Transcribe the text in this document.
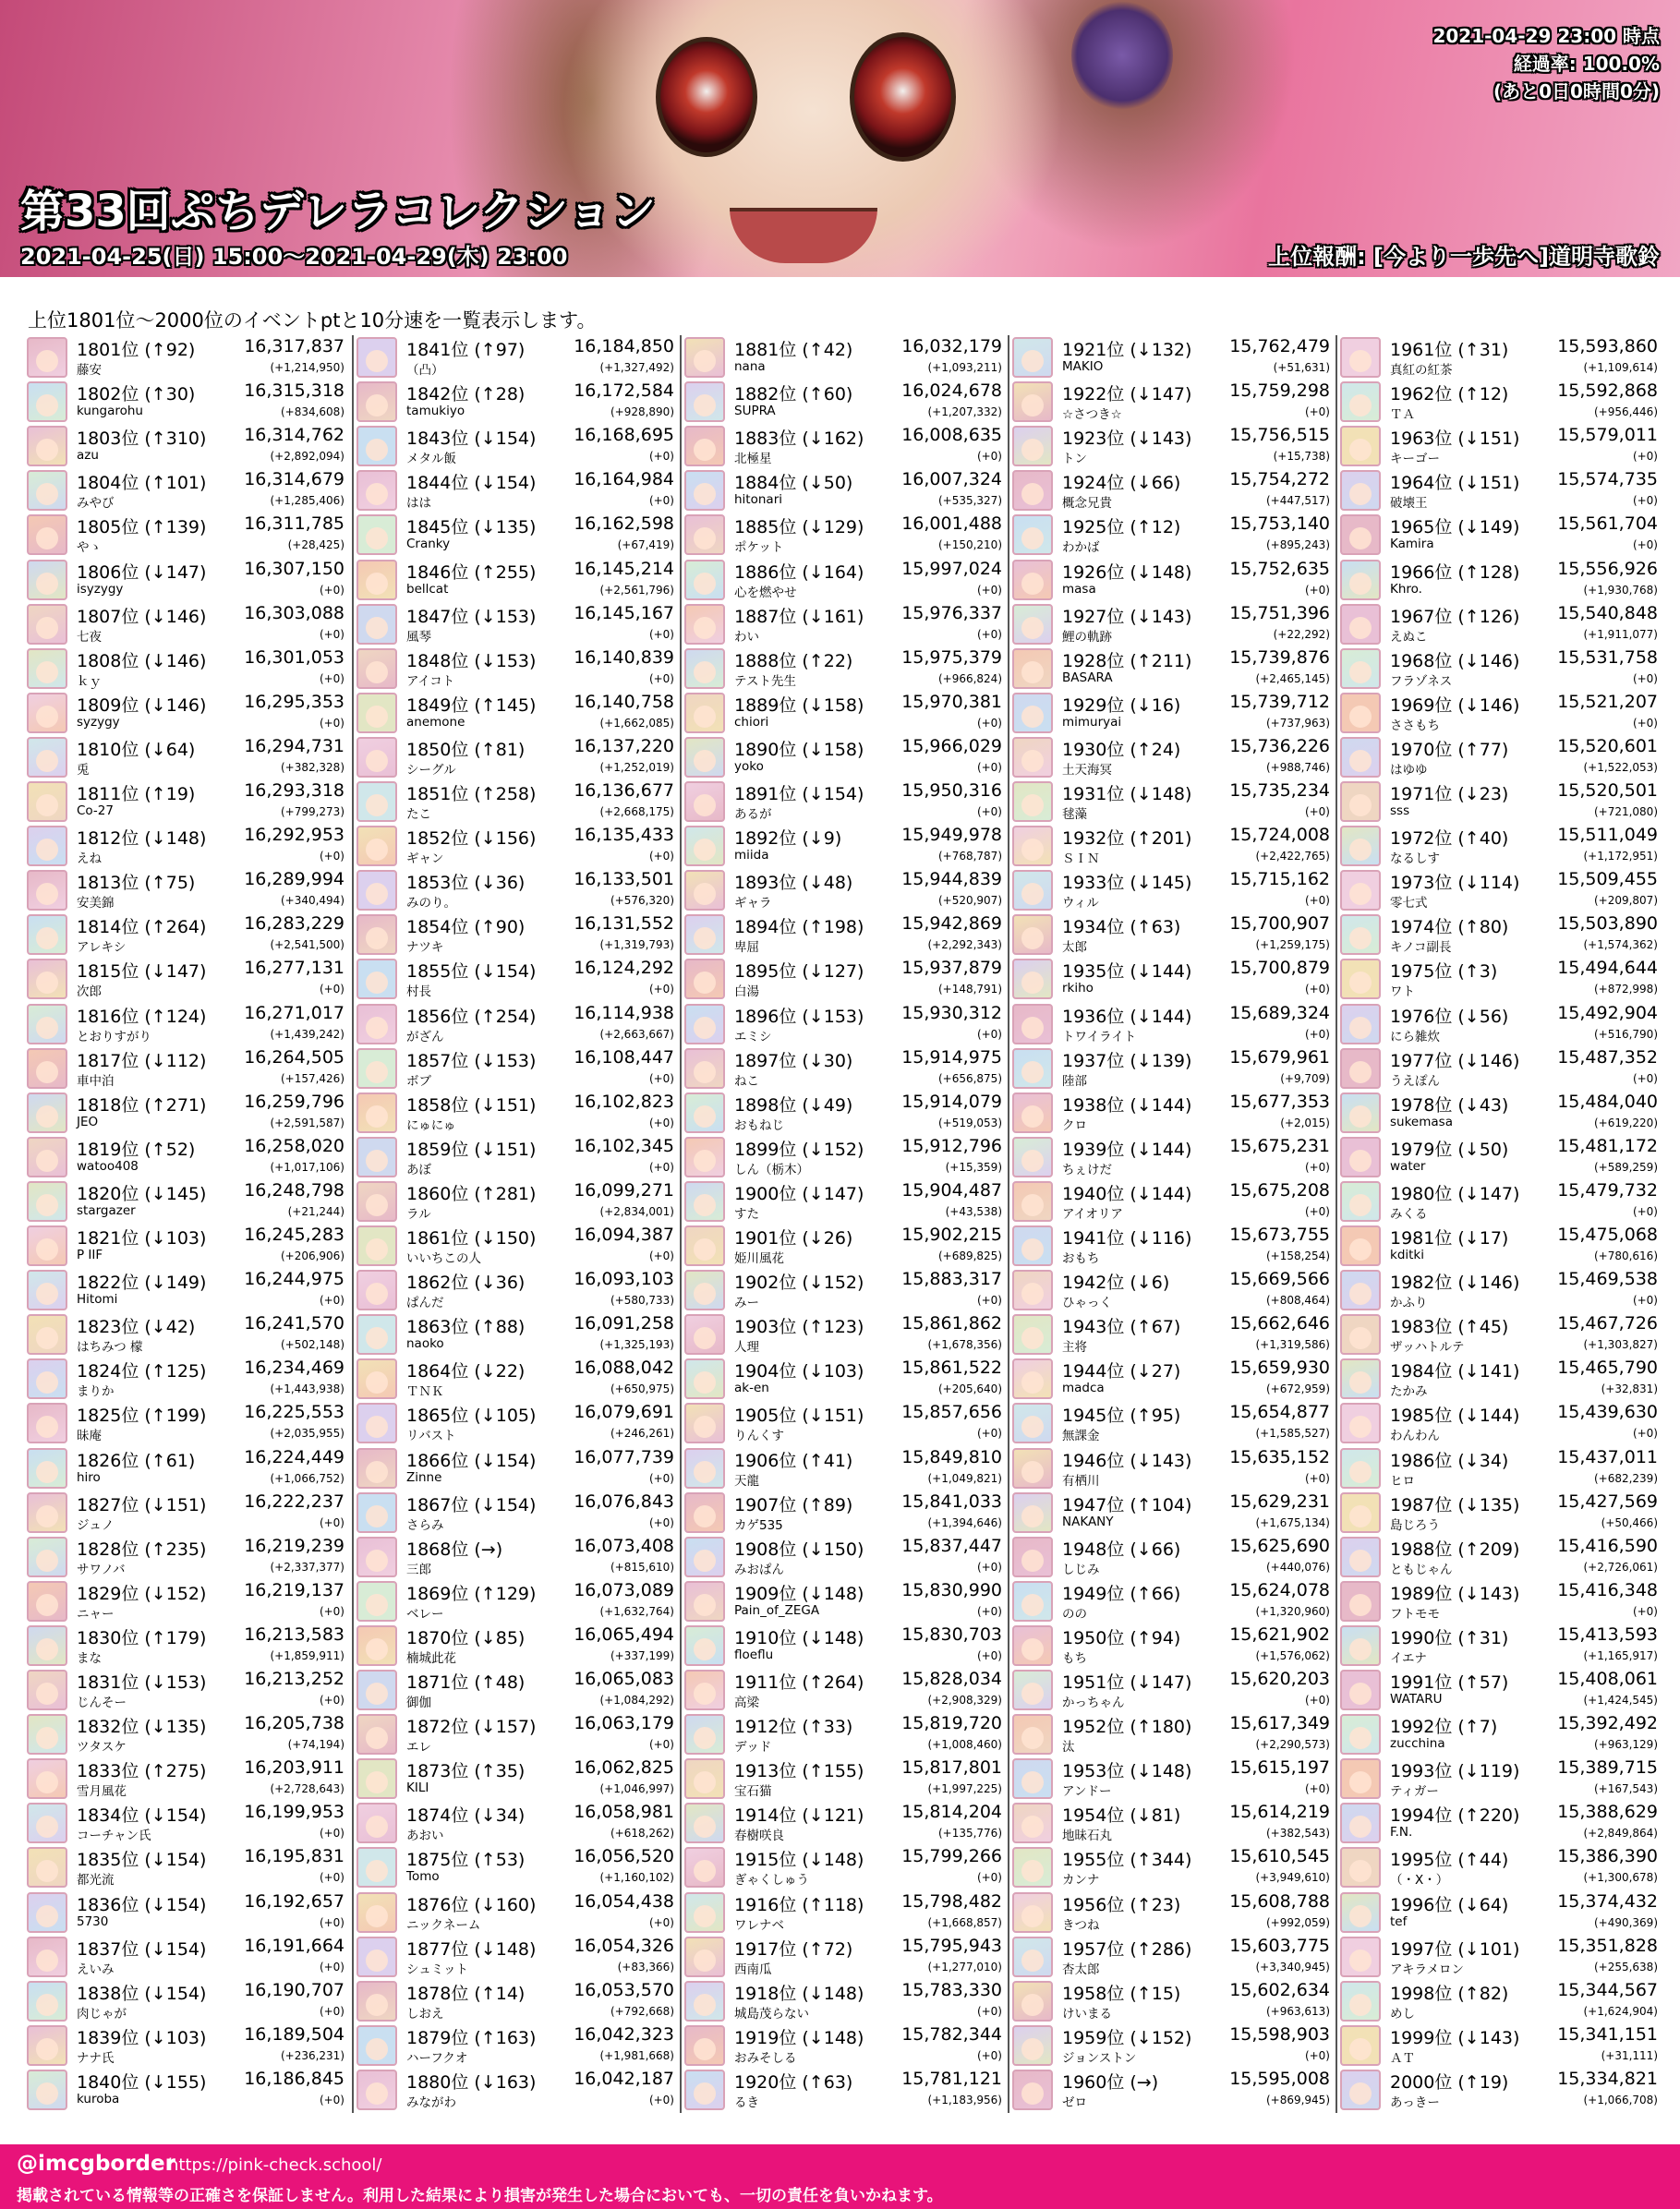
2021-04-29 23:00 時点
経過率: 100.0%
(あと0日0時間0分)
第33回ぷちデレラコレクション
2021-04-25(日) 15:00～2021-04-29(木) 23:00	上位報酬: [今より一歩先へ]道明寺歌鈴
上位1801位～2000位のイベントptと10分速を一覧表示します。
1801位 (↑92)	16,317,837
藤安	(+1,214,950)
1802位 (↑30)	16,315,318
kungarohu	(+834,608)
1803位 (↑310) 16,314,762
azu	(+2,892,094)
1804位 (↑101) 16,314,679
みやび	(+1,285,406)
1805位 (↑139) 16,311,785
やゝ	(+28,425)
1806位 (↓147) 16,307,150
isyzygy	(+0)
1807位 (↓146) 16,303,088
七夜	(+0)
1808位 (↓146) 16,301,053
ｋｙ	(+0)
1809位 (↓146) 16,295,353
syzygy	(+0)
1810位 (↓64)	16,294,731
兎	(+382,328)
1811位 (↑19)	16,293,318
Co-27	(+799,273)
1812位 (↓148) 16,292,953
えね	(+0)
1813位 (↑75)	16,289,994
安美錦	(+340,494)
1814位 (↑264) 16,283,229
アレキシ	(+2,541,500)
1815位 (↓147) 16,277,131
次郎	(+0)
1816位 (↑124) 16,271,017
とおりすがり	(+1,439,242)
1817位 (↓112) 16,264,505
車中泊	(+157,426)
1818位 (↑271) 16,259,796
JEO	(+2,591,587)
1819位 (↑52)	16,258,020
watoo408	(+1,017,106)
1820位 (↓145) 16,248,798
stargazer	(+21,244)
1821位 (↓103) 16,245,283
P IIF	(+206,906)
1822位 (↓149) 16,244,975
Hitomi	(+0)
1823位 (↓42)	16,241,570
はちみつ 檬	(+502,148)
1824位 (↑125) 16,234,469
まりか	(+1,443,938)
1825位 (↑199) 16,225,553
昧庵	(+2,035,955)
1826位 (↑61)	16,224,449
hiro	(+1,066,752)
1827位 (↓151) 16,222,237
ジュノ	(+0)
1828位 (↑235) 16,219,239
サワノバ	(+2,337,377)
1829位 (↓152) 16,219,137
ニャー	(+0)
1830位 (↑179) 16,213,583
まな	(+1,859,911)
1831位 (↓153) 16,213,252
じんそー	(+0)
1832位 (↓135) 16,205,738
ツタスケ	(+74,194)
1833位 (↑275) 16,203,911
雪月風花	(+2,728,643)
1834位 (↓154) 16,199,953
コーチャン氏	(+0)
1835位 (↓154) 16,195,831
都光流	(+0)
1836位 (↓154) 16,192,657
5730	(+0)
1837位 (↓154) 16,191,664
えいみ	(+0)
1838位 (↓154) 16,190,707
肉じゃが	(+0)
1839位 (↓103) 16,189,504
ナナ氏	(+236,231)
1840位 (↓155) 16,186,845
kuroba	(+0)
1841位 (↑97)	16,184,850
（凸）	(+1,327,492)
1842位 (↑28)	16,172,584
tamukiyo	(+928,890)
1843位 (↓154) 16,168,695
メタル飯	(+0)
1844位 (↓154) 16,164,984
はは	(+0)
1845位 (↓135) 16,162,598
Cranky	(+67,419)
1846位 (↑255) 16,145,214
bellcat	(+2,561,796)
1847位 (↓153) 16,145,167
風琴	(+0)
1848位 (↓153) 16,140,839
アイコト	(+0)
1849位 (↑145) 16,140,758
anemone	(+1,662,085)
1850位 (↑81)	16,137,220
シーグル	(+1,252,019)
1851位 (↑258) 16,136,677
たこ	(+2,668,175)
1852位 (↓156) 16,135,433
ギャン	(+0)
1853位 (↓36)	16,133,501
みのり。	(+576,320)
1854位 (↑90)	16,131,552
ナツキ	(+1,319,793)
1855位 (↓154) 16,124,292
村長	(+0)
1856位 (↑254) 16,114,938
がざん	(+2,663,667)
1857位 (↓153) 16,108,447
ボブ	(+0)
1858位 (↓151) 16,102,823
にゅにゅ	(+0)
1859位 (↓151) 16,102,345
あぼ	(+0)
1860位 (↑281) 16,099,271
ラル	(+2,834,001)
1861位 (↓150) 16,094,387
いいちこの人	(+0)
1862位 (↓36)	16,093,103
ぱんだ	(+580,733)
1863位 (↑88)	16,091,258
naoko	(+1,325,193)
1864位 (↓22)	16,088,042
ＴＮＫ	(+650,975)
1865位 (↓105) 16,079,691
リバスト	(+246,261)
1866位 (↓154) 16,077,739
Zinne	(+0)
1867位 (↓154) 16,076,843
さらみ	(+0)
1868位 (→)	16,073,408
三郎	(+815,610)
1869位 (↑129) 16,073,089
ベレー	(+1,632,764)
1870位 (↓85)	16,065,494
楠城此花	(+337,199)
1871位 (↑48)	16,065,083
御伽	(+1,084,292)
1872位 (↓157) 16,063,179
エレ	(+0)
1873位 (↑35)	16,062,825
KILI	(+1,046,997)
1874位 (↓34)	16,058,981
あおい	(+618,262)
1875位 (↑53)	16,056,520
Tomo	(+1,160,102)
1876位 (↓160) 16,054,438
ニックネーム	(+0)
1877位 (↓148) 16,054,326
シュミット	(+83,366)
1878位 (↑14)	16,053,570
しおえ	(+792,668)
1879位 (↑163) 16,042,323
ハーフクオ	(+1,981,668)
1880位 (↓163) 16,042,187
みながわ	(+0)
1881位 (↑42)	16,032,179
nana	(+1,093,211)
1882位 (↑60)	16,024,678
SUPRA	(+1,207,332)
1883位 (↓162) 16,008,635
北極星	(+0)
1884位 (↓50)	16,007,324
hitonari	(+535,327)
1885位 (↓129) 16,001,488
ポケット	(+150,210)
1886位 (↓164) 15,997,024
心を燃やせ	(+0)
1887位 (↓161) 15,976,337
わい	(+0)
1888位 (↑22)	15,975,379
テスト先生	(+966,824)
1889位 (↓158) 15,970,381
chiori	(+0)
1890位 (↓158) 15,966,029
yoko	(+0)
1891位 (↓154) 15,950,316
あるが	(+0)
1892位 (↓9)	15,949,978
miida	(+768,787)
1893位 (↓48)	15,944,839
ギャラ	(+520,907)
1894位 (↑198) 15,942,869
卑屈	(+2,292,343)
1895位 (↓127) 15,937,879
白湯	(+148,791)
1896位 (↓153) 15,930,312
エミシ	(+0)
1897位 (↓30)	15,914,975
ねこ	(+656,875)
1898位 (↓49)	15,914,079
おもねじ	(+519,053)
1899位 (↓152) 15,912,796
しん（栃木）	(+15,359)
1900位 (↓147) 15,904,487
すた	(+43,538)
1901位 (↓26)	15,902,215
姫川風花	(+689,825)
1902位 (↓152) 15,883,317
みー	(+0)
1903位 (↑123) 15,861,862
人理	(+1,678,356)
1904位 (↓103) 15,861,522
ak-en	(+205,640)
1905位 (↓151) 15,857,656
りんくす	(+0)
1906位 (↑41)	15,849,810
天龍	(+1,049,821)
1907位 (↑89)	15,841,033
カゲ535	(+1,394,646)
1908位 (↓150) 15,837,447
みおぱん	(+0)
1909位 (↓148) 15,830,990
Pain_of_ZEGA	(+0)
1910位 (↓148) 15,830,703
floeflu	(+0)
1911位 (↑264) 15,828,034
高梁	(+2,908,329)
1912位 (↑33)	15,819,720
デッド	(+1,008,460)
1913位 (↑155) 15,817,801
宝石猫	(+1,997,225)
1914位 (↓121) 15,814,204
春樹咲良	(+135,776)
1915位 (↓148) 15,799,266
ぎゃくしゅう	(+0)
1916位 (↑118) 15,798,482
ワレナベ	(+1,668,857)
1917位 (↑72)	15,795,943
西南瓜	(+1,277,010)
1918位 (↓148) 15,783,330
城島茂らない	(+0)
1919位 (↓148) 15,782,344
おみそしる	(+0)
1920位 (↑63)	15,781,121
るき	(+1,183,956)
1921位 (↓132) 15,762,479
MAKIO	(+51,631)
1922位 (↓147) 15,759,298
☆さつき☆	(+0)
1923位 (↓143) 15,756,515
トン	(+15,738)
1924位 (↓66)	15,754,272
概念兄貴	(+447,517)
1925位 (↑12)	15,753,140
わかば	(+895,243)
1926位 (↓148) 15,752,635
masa	(+0)
1927位 (↓143) 15,751,396
鯉の軌跡	(+22,292)
1928位 (↑211) 15,739,876
BASARA	(+2,465,145)
1929位 (↓16)	15,739,712
mimuryai	(+737,963)
1930位 (↑24)	15,736,226
土天海冥	(+988,746)
1931位 (↓148) 15,735,234
毬藻	(+0)
1932位 (↑201) 15,724,008
ＳＩＮ	(+2,422,765)
1933位 (↓145) 15,715,162
ウィル	(+0)
1934位 (↑63)	15,700,907
太郎	(+1,259,175)
1935位 (↓144) 15,700,879
rkiho	(+0)
1936位 (↓144) 15,689,324
トワイライト	(+0)
1937位 (↓139) 15,679,961
陸部	(+9,709)
1938位 (↓144) 15,677,353
クロ	(+2,015)
1939位 (↓144) 15,675,231
ちぇけだ	(+0)
1940位 (↓144) 15,675,208
アイオリア	(+0)
1941位 (↓116) 15,673,755
おもち	(+158,254)
1942位 (↓6)	15,669,566
ひゃっく	(+808,464)
1943位 (↑67)	15,662,646
主将	(+1,319,586)
1944位 (↓27)	15,659,930
madca	(+672,959)
1945位 (↑95)	15,654,877
無課金	(+1,585,527)
1946位 (↓143) 15,635,152
有栖川	(+0)
1947位 (↑104) 15,629,231
NAKANY	(+1,675,134)
1948位 (↓66)	15,625,690
しじみ	(+440,076)
1949位 (↑66)	15,624,078
のの	(+1,320,960)
1950位 (↑94)	15,621,902
もち	(+1,576,062)
1951位 (↓147) 15,620,203
かっちゃん	(+0)
1952位 (↑180) 15,617,349
汰	(+2,290,573)
1953位 (↓148) 15,615,197
アンドー	(+0)
1954位 (↓81)	15,614,219
地昧石丸	(+382,543)
1955位 (↑344) 15,610,545
カンナ	(+3,949,610)
1956位 (↑23)	15,608,788
きつね	(+992,059)
1957位 (↑286) 15,603,775
杏太郎	(+3,340,945)
1958位 (↑15)	15,602,634
けいまる	(+963,613)
1959位 (↓152) 15,598,903
ジョンストン	(+0)
1960位 (→)	15,595,008
ゼロ	(+869,945)
1961位 (↑31)	15,593,860
真紅の紅茶	(+1,109,614)
1962位 (↑12)	15,592,868
ＴＡ	(+956,446)
1963位 (↓151) 15,579,011
キーゴー	(+0)
1964位 (↓151) 15,574,735
破壊王	(+0)
1965位 (↓149) 15,561,704
Kamira	(+0)
1966位 (↑128) 15,556,926
Khro.	(+1,930,768)
1967位 (↑126) 15,540,848
えぬこ	(+1,911,077)
1968位 (↓146) 15,531,758
フラゾネス	(+0)
1969位 (↓146) 15,521,207
ささもち	(+0)
1970位 (↑77)	15,520,601
はゆゆ	(+1,522,053)
1971位 (↓23)	15,520,501
sss	(+721,080)
1972位 (↑40)	15,511,049
なるしす	(+1,172,951)
1973位 (↓114) 15,509,455
零七式	(+209,807)
1974位 (↑80)	15,503,890
キノコ副長	(+1,574,362)
1975位 (↑3)	15,494,644
ワト	(+872,998)
1976位 (↓56)	15,492,904
にら雑炊	(+516,790)
1977位 (↓146) 15,487,352
うえぽん	(+0)
1978位 (↓43)	15,484,040
sukemasa	(+619,220)
1979位 (↓50)	15,481,172
water	(+589,259)
1980位 (↓147) 15,479,732
みくる	(+0)
1981位 (↓17)	15,475,068
kditki	(+780,616)
1982位 (↓146) 15,469,538
かふり	(+0)
1983位 (↑45)	15,467,726
ザッハトルテ	(+1,303,827)
1984位 (↓141) 15,465,790
たかみ	(+32,831)
1985位 (↓144) 15,439,630
わんわん	(+0)
1986位 (↓34)	15,437,011
ヒロ	(+682,239)
1987位 (↓135) 15,427,569
島じろう	(+50,466)
1988位 (↑209) 15,416,590
ともじゃん	(+2,726,061)
1989位 (↓143) 15,416,348
フトモモ	(+0)
1990位 (↑31)	15,413,593
イエナ	(+1,165,917)
1991位 (↑57)	15,408,061
WATARU	(+1,424,545)
1992位 (↑7)	15,392,492
zucchina	(+963,129)
1993位 (↓119) 15,389,715
ティガー	(+167,543)
1994位 (↑220) 15,388,629
F.N.	(+2,849,864)
1995位 (↑44)	15,386,390
（・X・）	(+1,300,678)
1996位 (↓64)	15,374,432
tef	(+490,369)
1997位 (↓101) 15,351,828
アキラメロン	(+255,638)
1998位 (↑82)	15,344,567
めし	(+1,624,904)
1999位 (↓143) 15,341,151
ＡＴ	(+31,111)
2000位 (↑19)	15,334,821
あっきー	(+1,066,708)
@imcgborder
https://pink-check.school/
掲載されている情報等の正確さを保証しません。利用した結果により損害が発生した場合においても、一切の責任を負いかねます。
